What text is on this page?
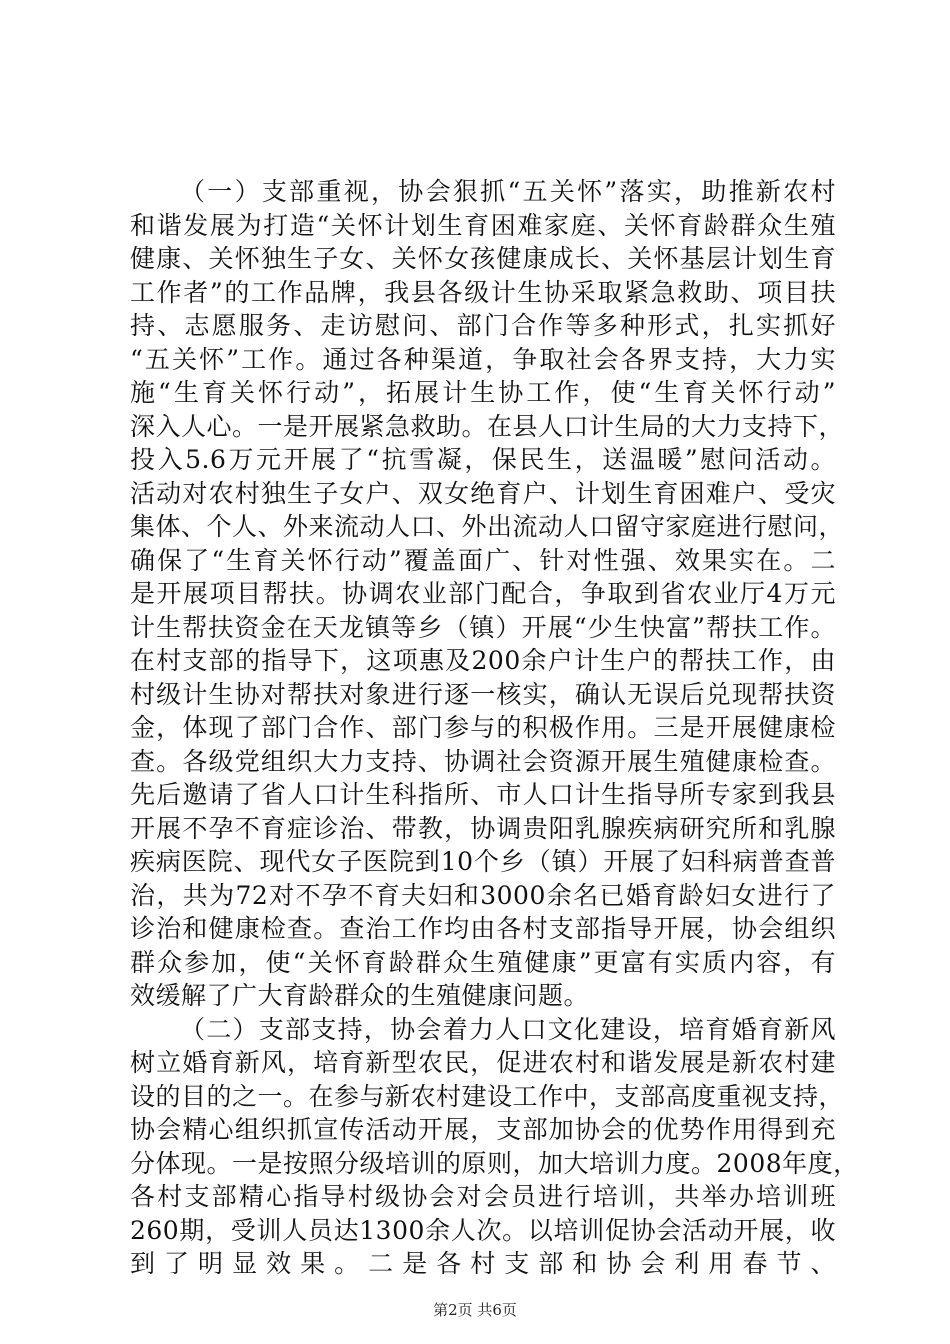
（一）支部重视，协会狠抓“五关怀”落实，助推新农村
和谐发展为打造“关怀计划生育困难家庭、关怀育龄群众生殖
健康、关怀独生子女、关怀女孩健康成长、关怀基层计划生育
工作者”的工作品牌，我县各级计生协采取紧急救助、项目扶
持、志愿服务、走访慰问、部门合作等多种形式，扎实抓好
“五关怀”工作。通过各种渠道，争取社会各界支持，大力实
施“生育关怀行动”，拓展计生协工作，使“生育关怀行动”
深入人心。一是开展紧急救助。在县人口计生局的大力支持下，
投入5.6万元开展了“抗雪凝，保民生，送温暖”慰问活动。
活动对农村独生子女户、双女绝育户、计划生育困难户、受灾
集体、个人、外来流动人口、外出流动人口留守家庭进行慰问，
确保了“生育关怀行动”覆盖面广、针对性强、效果实在。二
是开展项目帮扶。协调农业部门配合，争取到省农业厅4万元
计生帮扶资金在天龙镇等乡（镇）开展“少生快富”帮扶工作。
在村支部的指导下，这项惠及200余户计生户的帮扶工作，由
村级计生协对帮扶对象进行逐一核实，确认无误后兑现帮扶资
金，体现了部门合作、部门参与的积极作用。三是开展健康检
查。各级党组织大力支持、协调社会资源开展生殖健康检查。
先后邀请了省人口计生科指所、市人口计生指导所专家到我县
开展不孕不育症诊治、带教，协调贵阳乳腺疾病研究所和乳腺
疾病医院、现代女子医院到10个乡（镇）开展了妇科病普查普
治，共为72对不孕不育夫妇和3000余名已婚育龄妇女进行了
诊治和健康检查。查治工作均由各村支部指导开展，协会组织
群众参加，使“关怀育龄群众生殖健康”更富有实质内容，有
效缓解了广大育龄群众的生殖健康问题。
（二）支部支持，协会着力人口文化建设，培育婚育新风
树立婚育新风，培育新型农民，促进农村和谐发展是新农村建
设的目的之一。在参与新农村建设工作中，支部高度重视支持，
协会精心组织抓宣传活动开展，支部加协会的优势作用得到充
分体现。一是按照分级培训的原则，加大培训力度。2008年度，
各村支部精心指导村级协会对会员进行培训，共举办培训班
260期，受训人员达1300余人次。以培训促协会活动开展，收
到了明显效果。二是各村支部和协会利用春节、
第2页 共6页
